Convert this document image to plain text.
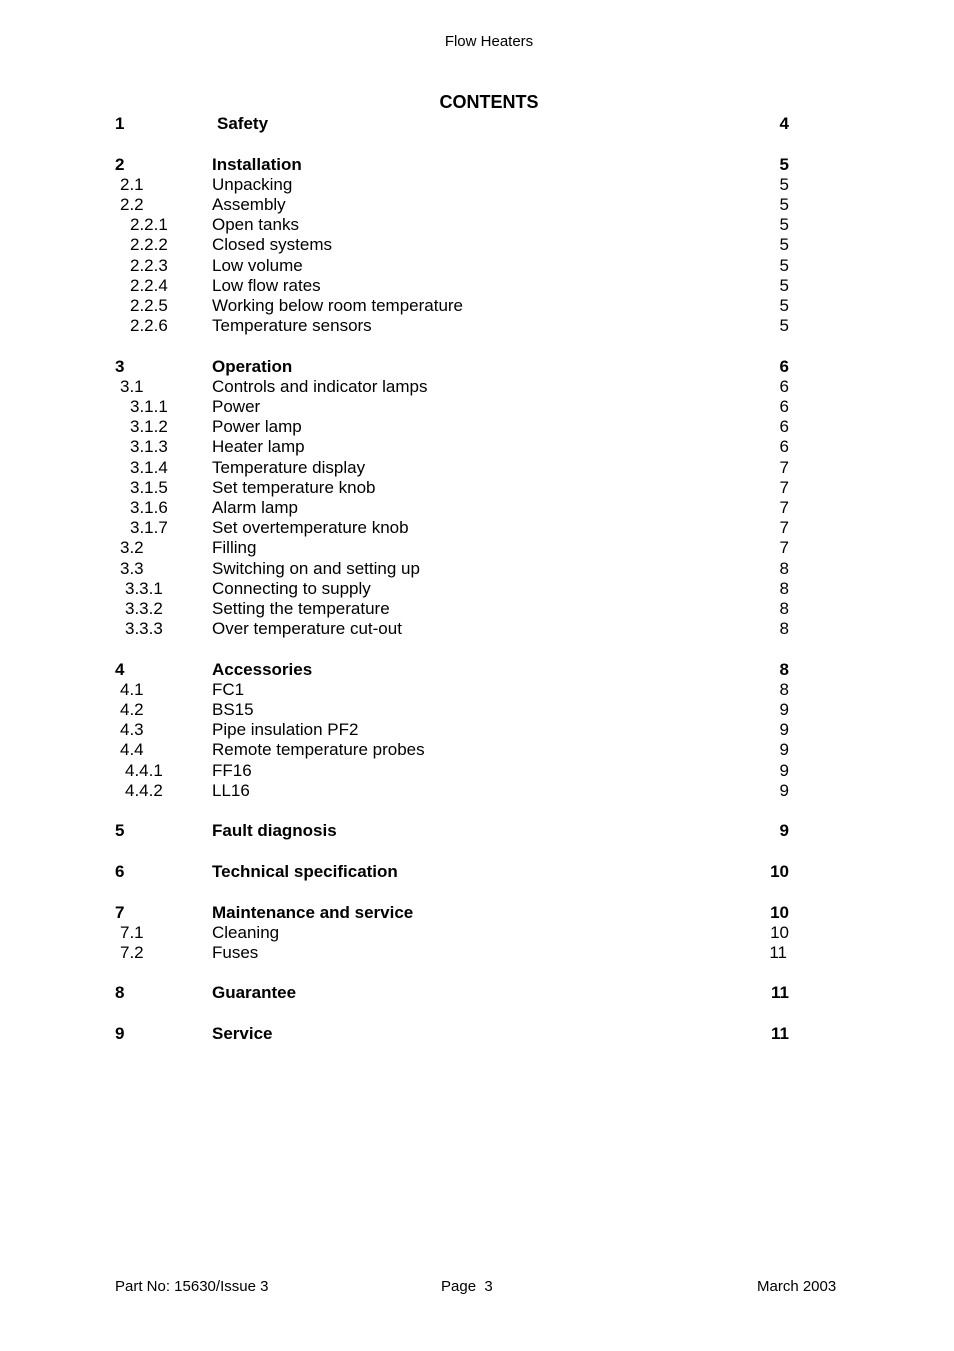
Flow Heaters
CONTENTS
1	Safety	4
2	Installation	5
2.1	Unpacking	5
2.2	Assembly	5
2.2.1	Open tanks	5
2.2.2	Closed systems	5
2.2.3	Low volume	5
2.2.4	Low flow rates	5
2.2.5	Working below room temperature	5
2.2.6	Temperature sensors	5
3	Operation	6
3.1	Controls and indicator lamps	6
3.1.1	Power	6
3.1.2	Power lamp	6
3.1.3	Heater lamp	6
3.1.4	Temperature display	7
3.1.5	Set temperature knob	7
3.1.6	Alarm lamp	7
3.1.7	Set overtemperature knob	7
3.2	Filling	7
3.3	Switching on and setting up	8
3.3.1	Connecting to supply	8
3.3.2	Setting the temperature	8
3.3.3	Over temperature cut-out	8
4	Accessories	8
4.1	FC1	8
4.2	BS15	9
4.3	Pipe insulation PF2	9
4.4	Remote temperature probes	9
4.4.1	FF16	9
4.4.2	LL16	9
5	Fault diagnosis	9
6	Technical specification	10
7	Maintenance and service	10
7.1	Cleaning	10
7.2	Fuses	11
8	Guarantee	11
9	Service	11
Part No: 15630/Issue 3	Page  3	March 2003
